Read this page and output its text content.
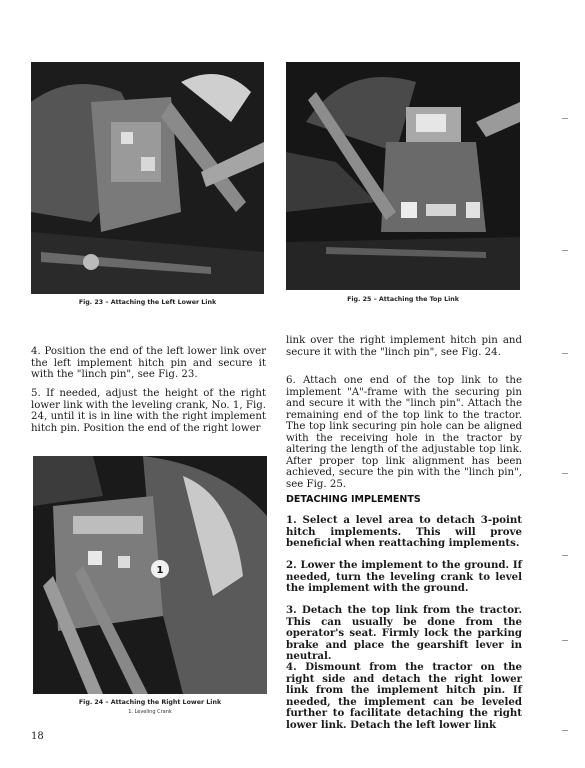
Fig. 23 – Attaching the Left Lower Link	Fig. 25 – Attaching the Top Link

4. Position the end of the left lower link over the left implement hitch pin and secure it with the "linch pin", see Fig. 23.

5. If needed, adjust the height of the right lower link with the leveling crank, No. 1, Fig. 24, until it is in line with the right implement hitch pin. Position the end of the right lower

1
Fig. 24 – Attaching the Right Lower Link
1. Leveling Crank
18

link over the right implement hitch pin and secure it with the "linch pin", see Fig. 24.

6. Attach one end of the top link to the implement "A"-frame with the securing pin and secure it with the "linch pin". Attach the remaining end of the top link to the tractor. The top link securing pin hole can be aligned with the receiving hole in the tractor by altering the length of the adjustable top link. After proper top link alignment has been achieved, secure the pin with the "linch pin", see Fig. 25.

DETACHING IMPLEMENTS

1. Select a level area to detach 3-point hitch implements. This will prove beneficial when reattaching implements.

2. Lower the implement to the ground. If needed, turn the leveling crank to level the implement with the ground.

3. Detach the top link from the tractor. This can usually be done from the operator's seat. Firmly lock the parking brake and place the gearshift lever in neutral.

4. Dismount from the tractor on the right side and detach the right lower link from the implement hitch pin. If needed, the implement can be leveled further to facilitate detaching the right lower link. Detach the left lower link
